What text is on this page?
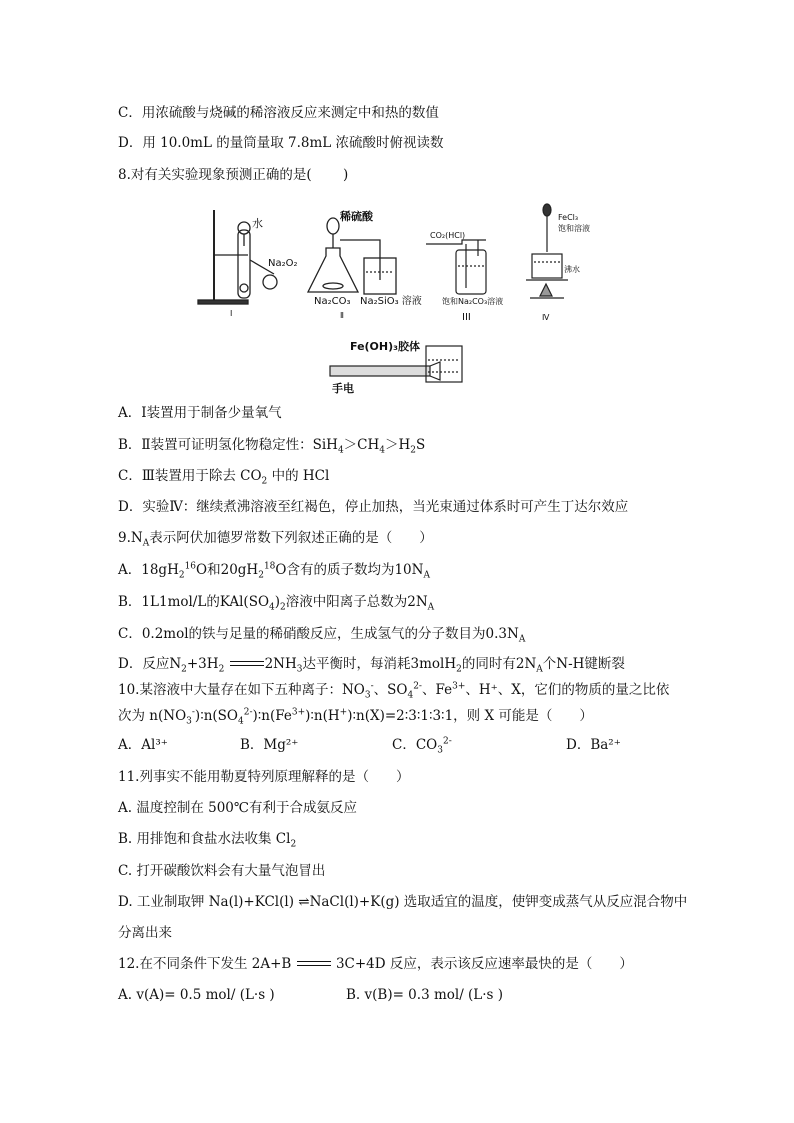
C．用浓硫酸与烧碱的稀溶液反应来测定中和热的数值
D．用 10.0mL 的量筒量取 7.8mL 浓硫酸时俯视读数
8.对有关实验现象预测正确的是(　　 )
水
Na₂O₂
Ⅰ
稀硫酸
Na₂CO₃ Na₂SiO₃ 溶液
Ⅱ
CO₂(HCl)
饱和Na₂CO₃溶液
III
FeCl₃
饱和溶液
沸水
Ⅳ
Fe(OH)₃胶体
手电
A．Ⅰ装置用于制备少量氧气
B．Ⅱ装置可证明氢化物稳定性：$SiH_4>CH_4>H_2S$
C．Ⅲ装置用于除去 $CO_2$ 中的 HCl
D．实验Ⅳ：继续煮沸溶液至红褐色，停止加热，当光束通过体系时可产生丁达尔效应
$9.N_A$表示阿伏加德罗常数下列叙述正确的是（　　）
A．$18gH_2^{16}O$和$20gH_2^{18}O$含有的质子数均为$10N_A$
B．1L1mol/L的$KAl(SO_4)_2$溶液中阳离子总数为$2N_A$
C．0.2mol的铁与足量的稀硝酸反应，生成氢气的分子数目为$0.3N_A$
D．反应$N_2+3H_2$	$2NH_3$达平衡时，每消耗3molH$_2$的同时有$2N_A$个N-H键断裂
10.某溶液中大量存在如下五种离子：$NO_3^-$、$SO_4^{2-}$、$Fe^{3+}$、H⁺、X，它们的物质的量之比依
次为 $n(NO_3^-)∶n(SO_4^{2-})∶n(Fe^{3+})∶n(H^+)∶n(X)=2∶3∶1∶3∶1$，则 X 可能是（　　）
A．Al³⁺	B．Mg²⁺	C．$CO_3^{2-}$	D．Ba²⁺
11.列事实不能用勒夏特列原理解释的是（　　）
A. 温度控制在 500℃有利于合成氨反应
B. 用排饱和食盐水法收集 $Cl_2$
C. 打开碳酸饮料会有大量气泡冒出
D. 工业制取钾 Na(l)+KCl(l) ⇌NaCl(l)+K(g) 选取适宜的温度，使钾变成蒸气从反应混合物中
分离出来
12.在不同条件下发生 2A+B	3C+4D 反应，表示该反应速率最快的是（　　）
A. v(A)= 0.5 mol/ (L·s )	B. v(B)= 0.3 mol/ (L·s )
